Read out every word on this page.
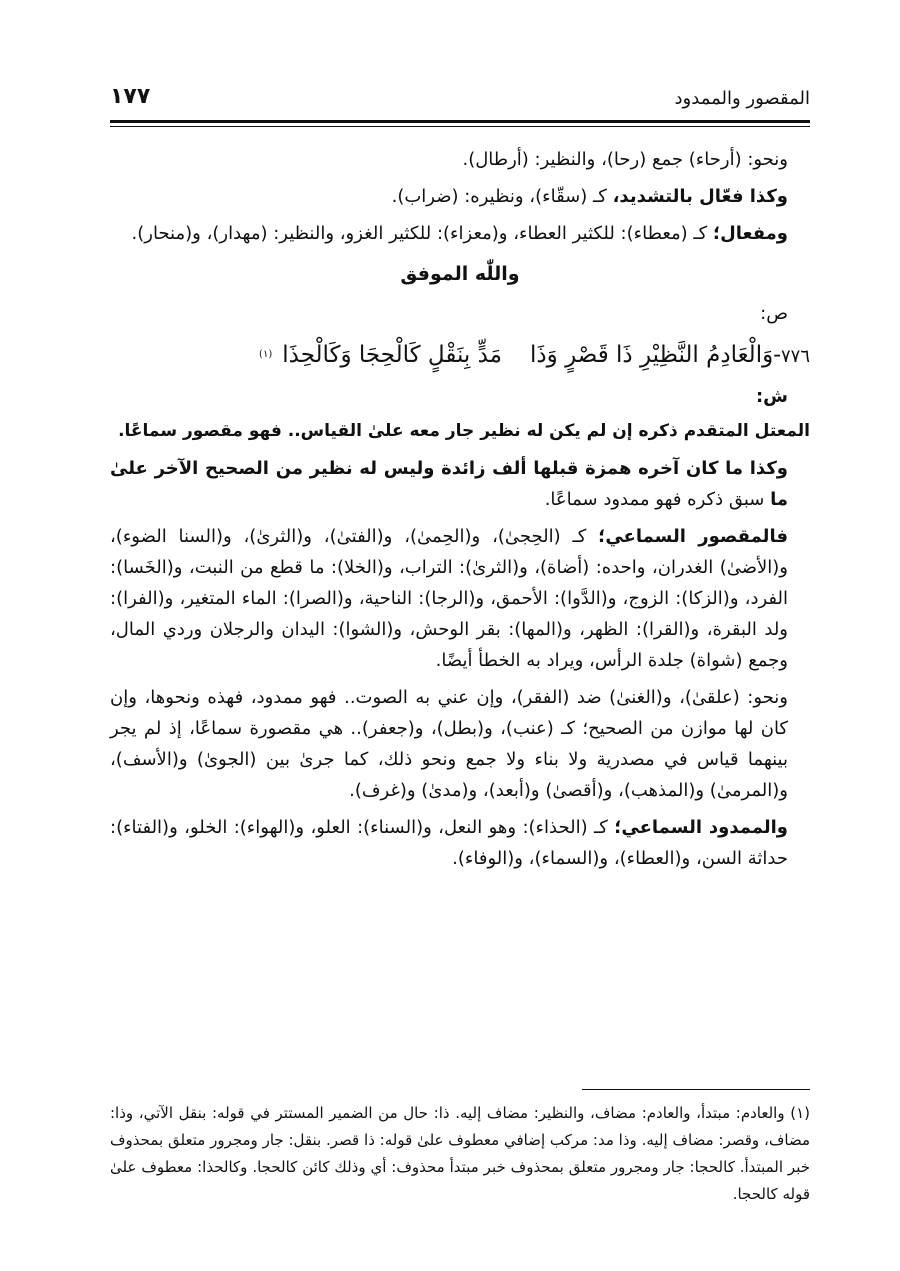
المقصور والممدود
١٧٧

ونحو: (أرحاء) جمع (رحا)، والنظير: (أرطال).

وكذا فعّال بالتشديد، كـ (سقّاء)، ونظيره: (ضراب).

ومفعال؛ كـ (معطاء): للكثير العطاء، و(معزاء): للكثير الغزو، والنظير: (مهدار)، و(منحار).

واللّٰه الموفق
ص:
٧٧٦-وَالْعَادِمُ النَّظِيْرِ ذَا قَصْرٍ وَذَامَدٍّ بِنَقْلٍ كَالْحِجَا وَكَالْحِذَا$^{(١)}$
ش:

المعتل المتقدم ذكره إن لم يكن له نظير جار معه علىٰ القياس.. فهو مقصور سماعًا.

وكذا ما كان آخره همزة قبلها ألف زائدة وليس له نظير من الصحيح الآخر علىٰ ما سبق ذكره فهو ممدود سماعًا.

فالمقصور السماعي؛ كـ (الحِجىٰ)، و(الحِمىٰ)، و(الفتىٰ)، و(الثرىٰ)، و(السنا الضوء)، و(الأضىٰ) الغدران، واحده: (أضاة)، و(الثرىٰ): التراب، و(الخلا): ما قطع من النبت، و(الخَسا): الفرد، و(الزكا): الزوج، و(الدَّوا): الأحمق، و(الرجا): الناحية، و(الصرا): الماء المتغير، و(الفرا): ولد البقرة، و(القرا): الظهر، و(المها): بقر الوحش، و(الشوا): اليدان والرجلان وردي المال، وجمع (شواة) جلدة الرأس، ويراد به الخطأ أيضًا.

ونحو: (علقىٰ)، و(الغنىٰ) ضد (الفقر)، وإن عني به الصوت.. فهو ممدود، فهذه ونحوها، وإن كان لها موازن من الصحيح؛ كـ (عنب)، و(بطل)، و(جعفر).. هي مقصورة سماعًا، إذ لم يجر بينهما قياس في مصدرية ولا بناء ولا جمع ونحو ذلك، كما جرىٰ بين (الجوىٰ) و(الأسف)، و(المرمىٰ) و(المذهب)، و(أقصىٰ) و(أبعد)، و(مدىٰ) و(غرف).

والممدود السماعي؛ كـ (الحذاء): وهو النعل، و(السناء): العلو، و(الهواء): الخلو، و(الفتاء): حداثة السن، و(العطاء)، و(السماء)، و(الوفاء).

(١) والعادم: مبتدأ، والعادم: مضاف، والنظير: مضاف إليه. ذا: حال من الضمير المستتر في قوله: بنقل الآتي، وذا: مضاف، وقصر: مضاف إليه. وذا مد: مركب إضافي معطوف علىٰ قوله: ذا قصر. بنقل: جار ومجرور متعلق بمحذوف خبر المبتدأ. كالحجا: جار ومجرور متعلق بمحذوف خبر مبتدأ محذوف: أي وذلك كائن كالحجا. وكالحذا: معطوف علىٰ قوله كالحجا.
